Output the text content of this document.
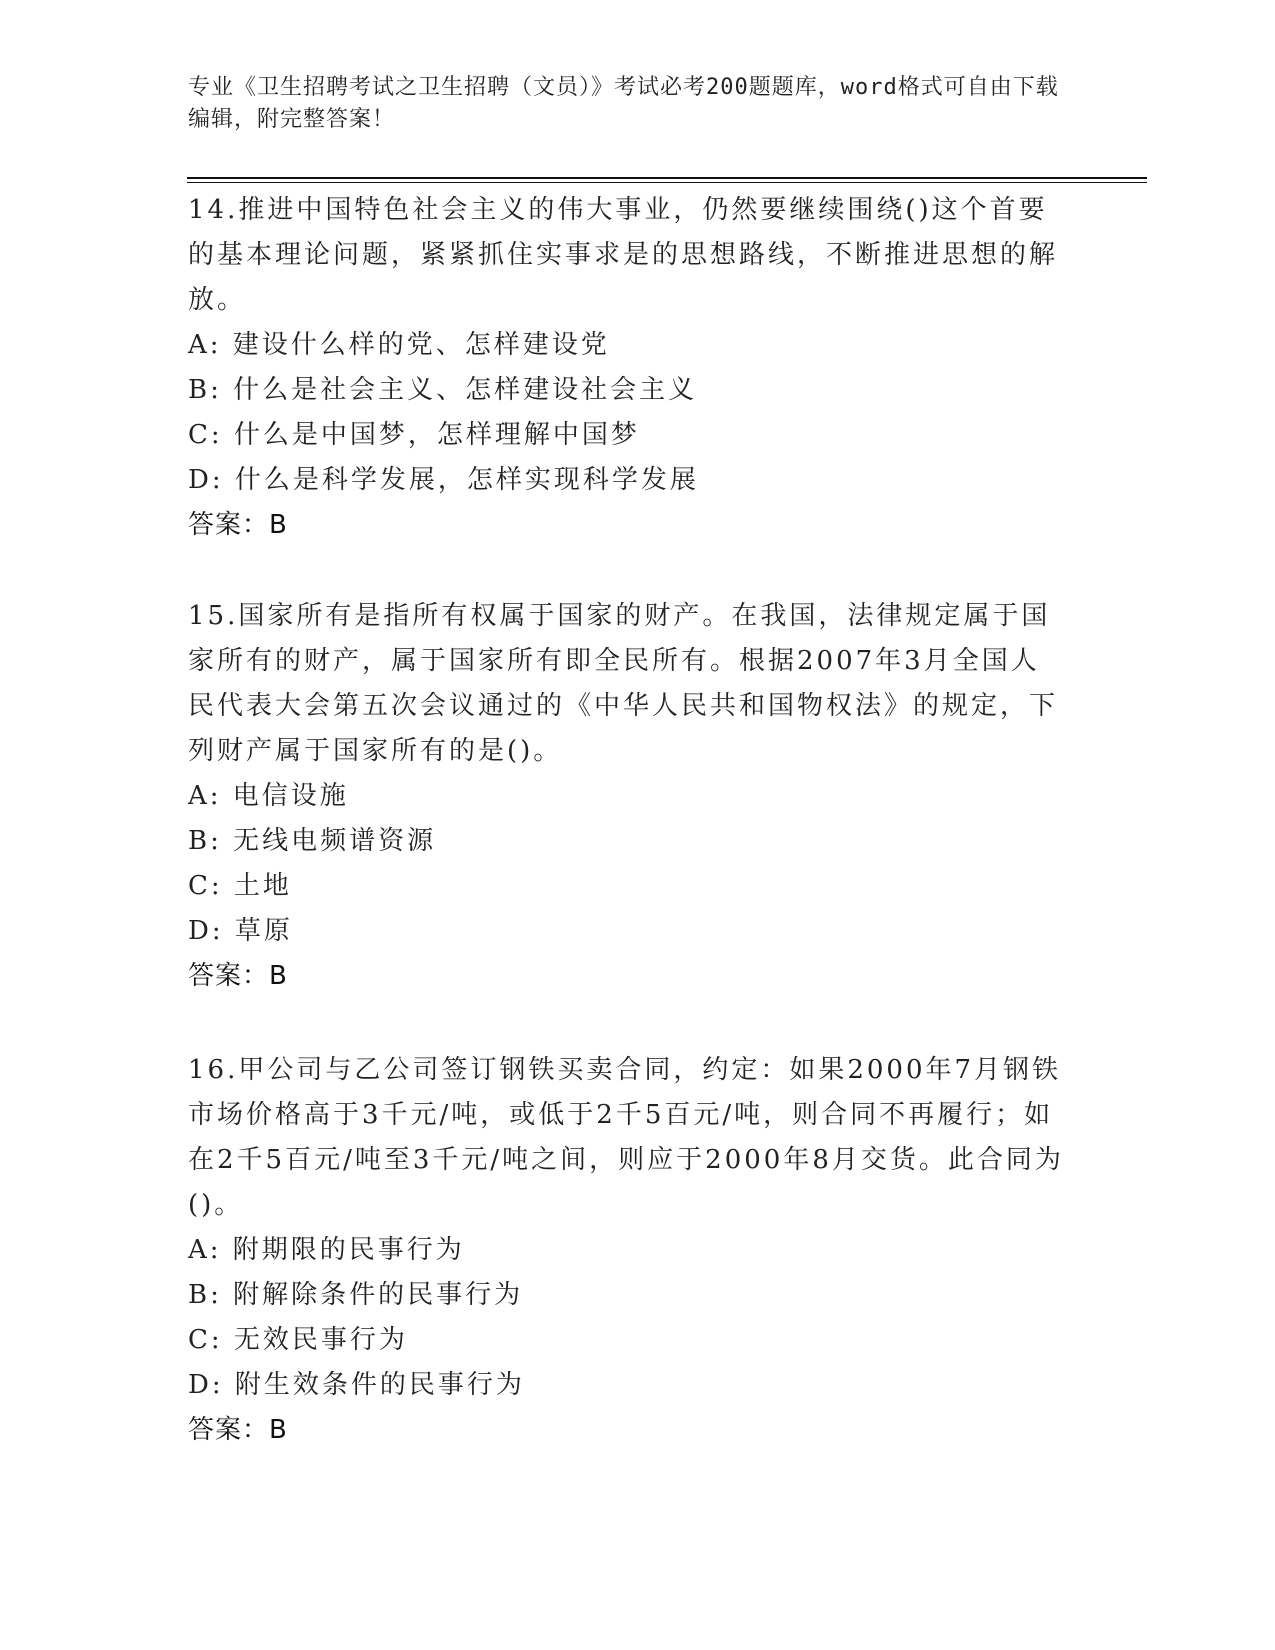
专业《卫生招聘考试之卫生招聘（文员）》考试必考200题题库，word格式可自由下载编辑，附完整答案！

14.推进中国特色社会主义的伟大事业，仍然要继续围绕()这个首要的基本理论问题，紧紧抓住实事求是的思想路线，不断推进思想的解放。

A: 建设什么样的党、怎样建设党

B: 什么是社会主义、怎样建设社会主义

C: 什么是中国梦，怎样理解中国梦

D: 什么是科学发展，怎样实现科学发展

答案：B

15.国家所有是指所有权属于国家的财产。在我国，法律规定属于国家所有的财产，属于国家所有即全民所有。根据2007年3月全国人民代表大会第五次会议通过的《中华人民共和国物权法》的规定，下列财产属于国家所有的是()。

A: 电信设施

B: 无线电频谱资源

C: 土地

D: 草原

答案：B

16.甲公司与乙公司签订钢铁买卖合同，约定：如果2000年7月钢铁市场价格高于3千元/吨，或低于2千5百元/吨，则合同不再履行；如在2千5百元/吨至3千元/吨之间，则应于2000年8月交货。此合同为()。

A: 附期限的民事行为

B: 附解除条件的民事行为

C: 无效民事行为

D: 附生效条件的民事行为

答案：B
